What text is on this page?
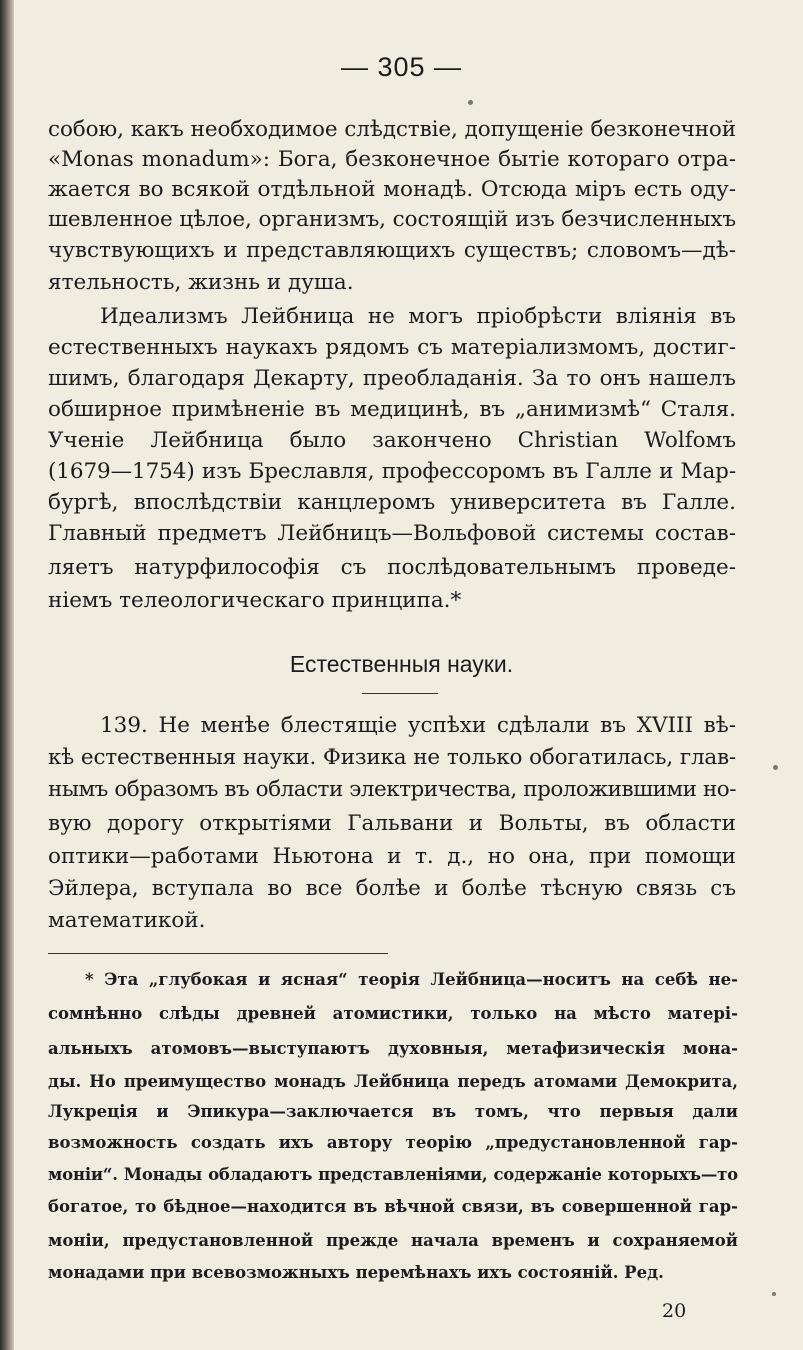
— 305 —
собою, какъ необходимое слѣдствіе, допущеніе безконечной
«Monas monadum»: Бога, безконечное бытіе котораго отра-
жается во всякой отдѣльной монадѣ. Отсюда міръ есть оду-
шевленное цѣлое, организмъ, состоящій изъ безчисленныхъ
чувствующихъ и представляющихъ существъ; словомъ—дѣ-
ятельность, жизнь и душа.
Идеализмъ Лейбница не могъ пріобрѣсти вліянія въ
естественныхъ наукахъ рядомъ съ матеріализмомъ, достиг-
шимъ, благодаря Декарту, преобладанія. За то онъ нашелъ
обширное примѣненіе въ медицинѣ, въ „анимизмѣ“ Сталя.
Ученіе Лейбница было закончено Christian Wolfомъ
(1679—1754) изъ Бреславля, профессоромъ въ Галле и Мар-
бургѣ, впослѣдствіи канцлеромъ университета въ Галле.
Главный предметъ Лейбницъ—Вольфовой системы состав-
ляетъ натурфилософія съ послѣдовательнымъ проведе-
ніемъ телеологическаго принципа.*
Естественныя науки.
139. Не менѣе блестящіе успѣхи сдѣлали въ XVIII вѣ-
кѣ естественныя науки. Физика не только обогатилась, глав-
нымъ образомъ въ области электричества, проложившими но-
вую дорогу открытіями Гальвани и Вольты, въ области
оптики—работами Ньютона и т. д., но она, при помощи
Эйлера, вступала во все болѣе и болѣе тѣсную связь съ
математикой.
* Эта „глубокая и ясная“ теорія Лейбница—носитъ на себѣ не-
сомнѣнно слѣды древней атомистики, только на мѣсто матері-
альныхъ атомовъ—выступаютъ духовныя, метафизическія мона-
ды. Но преимущество монадъ Лейбница передъ атомами Демокрита,
Лукреція и Эпикура—заключается въ томъ, что первыя дали
возможность создать ихъ автору теорію „предустановленной гар-
моніи“. Монады обладаютъ представленіями, содержаніе которыхъ—то
богатое, то бѣдное—находится въ вѣчной связи, въ совершенной гар-
моніи, предустановленной прежде начала временъ и сохраняемой
монадами при всевозможныхъ перемѣнахъ ихъ состояній. Ред.
20
